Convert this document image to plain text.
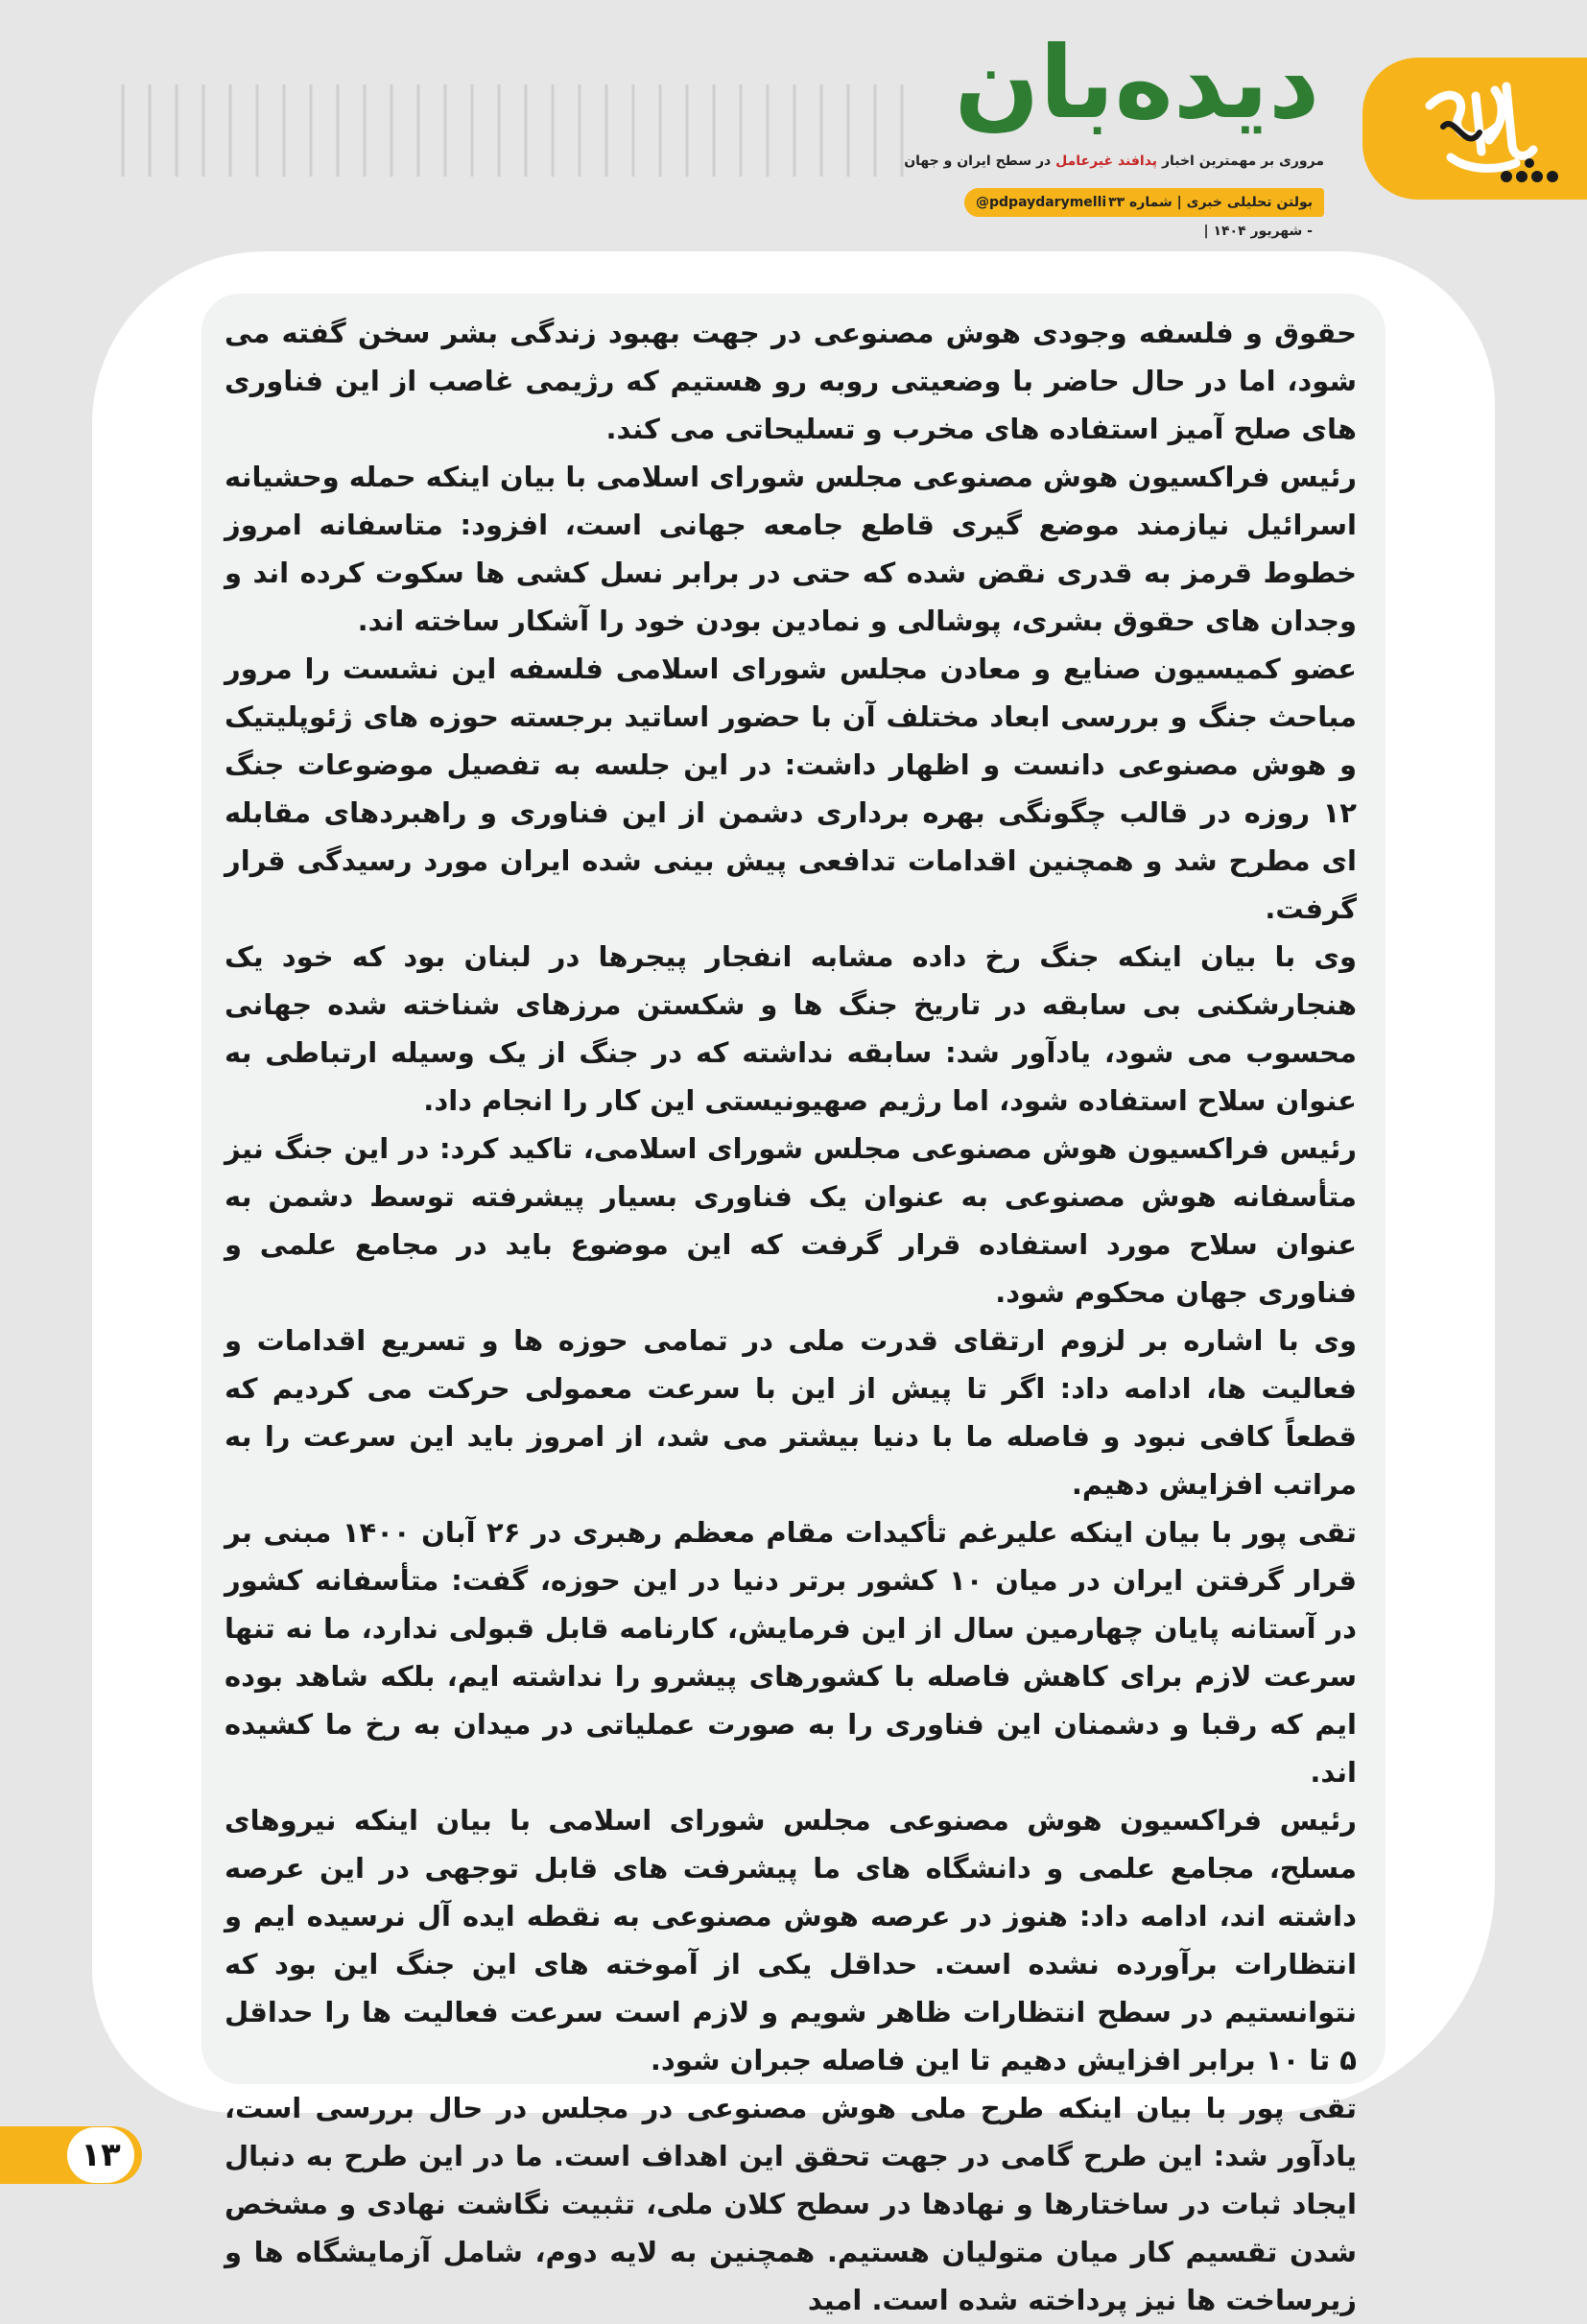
دیده‌بان
مروری بر مهمترین اخبار پدافند غیرعامل در سطح ایران و جهان
بولتن تحلیلی خبری | شماره ۳۳ - شهریور ۱۴۰۴ |
@pdpaydarymelli

حقوق و فلسفه وجودی هوش مصنوعی در جهت بهبود زندگی بشر سخن گفته می شود، اما در حال حاضر با وضعیتی روبه رو هستیم که رژیمی غاصب از این فناوری های صلح آمیز استفاده های مخرب و تسلیحاتی می کند.

رئیس فراکسیون هوش مصنوعی مجلس شورای اسلامی با بیان اینکه حمله وحشیانه اسرائیل نیازمند موضع گیری قاطع جامعه جهانی است، افزود: متاسفانه امروز خطوط قرمز به قدری نقض شده که حتی در برابر نسل کشی ها سکوت کرده اند و وجدان های حقوق بشری، پوشالی و نمادین بودن خود را آشکار ساخته اند.

عضو کمیسیون صنایع و معادن مجلس شورای اسلامی فلسفه این نشست را مرور مباحث جنگ و بررسی ابعاد مختلف آن با حضور اساتید برجسته حوزه های ژئوپلیتیک و هوش مصنوعی دانست و اظهار داشت: در این جلسه به تفصیل موضوعات جنگ ۱۲ روزه در قالب چگونگی بهره برداری دشمن از این فناوری و راهبردهای مقابله ای مطرح شد و همچنین اقدامات تدافعی پیش بینی شده ایران مورد رسیدگی قرار گرفت.

وی با بیان اینکه جنگ رخ داده مشابه انفجار پیجرها در لبنان بود که خود یک هنجارشکنی بی سابقه در تاریخ جنگ ها و شکستن مرزهای شناخته شده جهانی محسوب می شود، یادآور شد: سابقه نداشته که در جنگ از یک وسیله ارتباطی به عنوان سلاح استفاده شود، اما رژیم صهیونیستی این کار را انجام داد.

رئیس فراکسیون هوش مصنوعی مجلس شورای اسلامی، تاکید کرد: در این جنگ نیز متأسفانه هوش مصنوعی به عنوان یک فناوری بسیار پیشرفته توسط دشمن به عنوان سلاح مورد استفاده قرار گرفت که این موضوع باید در مجامع علمی و فناوری جهان محکوم شود.

وی با اشاره بر لزوم ارتقای قدرت ملی در تمامی حوزه ها و تسریع اقدامات و فعالیت ها، ادامه داد: اگر تا پیش از این با سرعت معمولی حرکت می کردیم که قطعاً کافی نبود و فاصله ما با دنیا بیشتر می شد، از امروز باید این سرعت را به مراتب افزایش دهیم.

تقی پور با بیان اینکه علیرغم تأکیدات مقام معظم رهبری در ۲۶ آبان ۱۴۰۰ مبنی بر قرار گرفتن ایران در میان ۱۰ کشور برتر دنیا در این حوزه، گفت: متأسفانه کشور در آستانه پایان چهارمین سال از این فرمایش، کارنامه قابل قبولی ندارد، ما نه تنها سرعت لازم برای کاهش فاصله با کشورهای پیشرو را نداشته ایم، بلکه شاهد بوده ایم که رقبا و دشمنان این فناوری را به صورت عملیاتی در میدان به رخ ما کشیده اند.

رئیس فراکسیون هوش مصنوعی مجلس شورای اسلامی با بیان اینکه نیروهای مسلح، مجامع علمی و دانشگاه های ما پیشرفت های قابل توجهی در این عرصه داشته اند، ادامه داد: هنوز در عرصه هوش مصنوعی به نقطه ایده آل نرسیده ایم و انتظارات برآورده نشده است. حداقل یکی از آموخته های این جنگ این بود که نتوانستیم در سطح انتظارات ظاهر شویم و لازم است سرعت فعالیت ها را حداقل ۵ تا ۱۰ برابر افزایش دهیم تا این فاصله جبران شود.

تقی پور با بیان اینکه طرح ملی هوش مصنوعی در مجلس در حال بررسی است، یادآور شد: این طرح گامی در جهت تحقق این اهداف است. ما در این طرح به دنبال ایجاد ثبات در ساختارها و نهادها در سطح کلان ملی، تثبیت نگاشت نهادی و مشخص شدن تقسیم کار میان متولیان هستیم. همچنین به لایه دوم، شامل آزمایشگاه ها و زیرساخت ها نیز پرداخته شده است. امید

۱۳
